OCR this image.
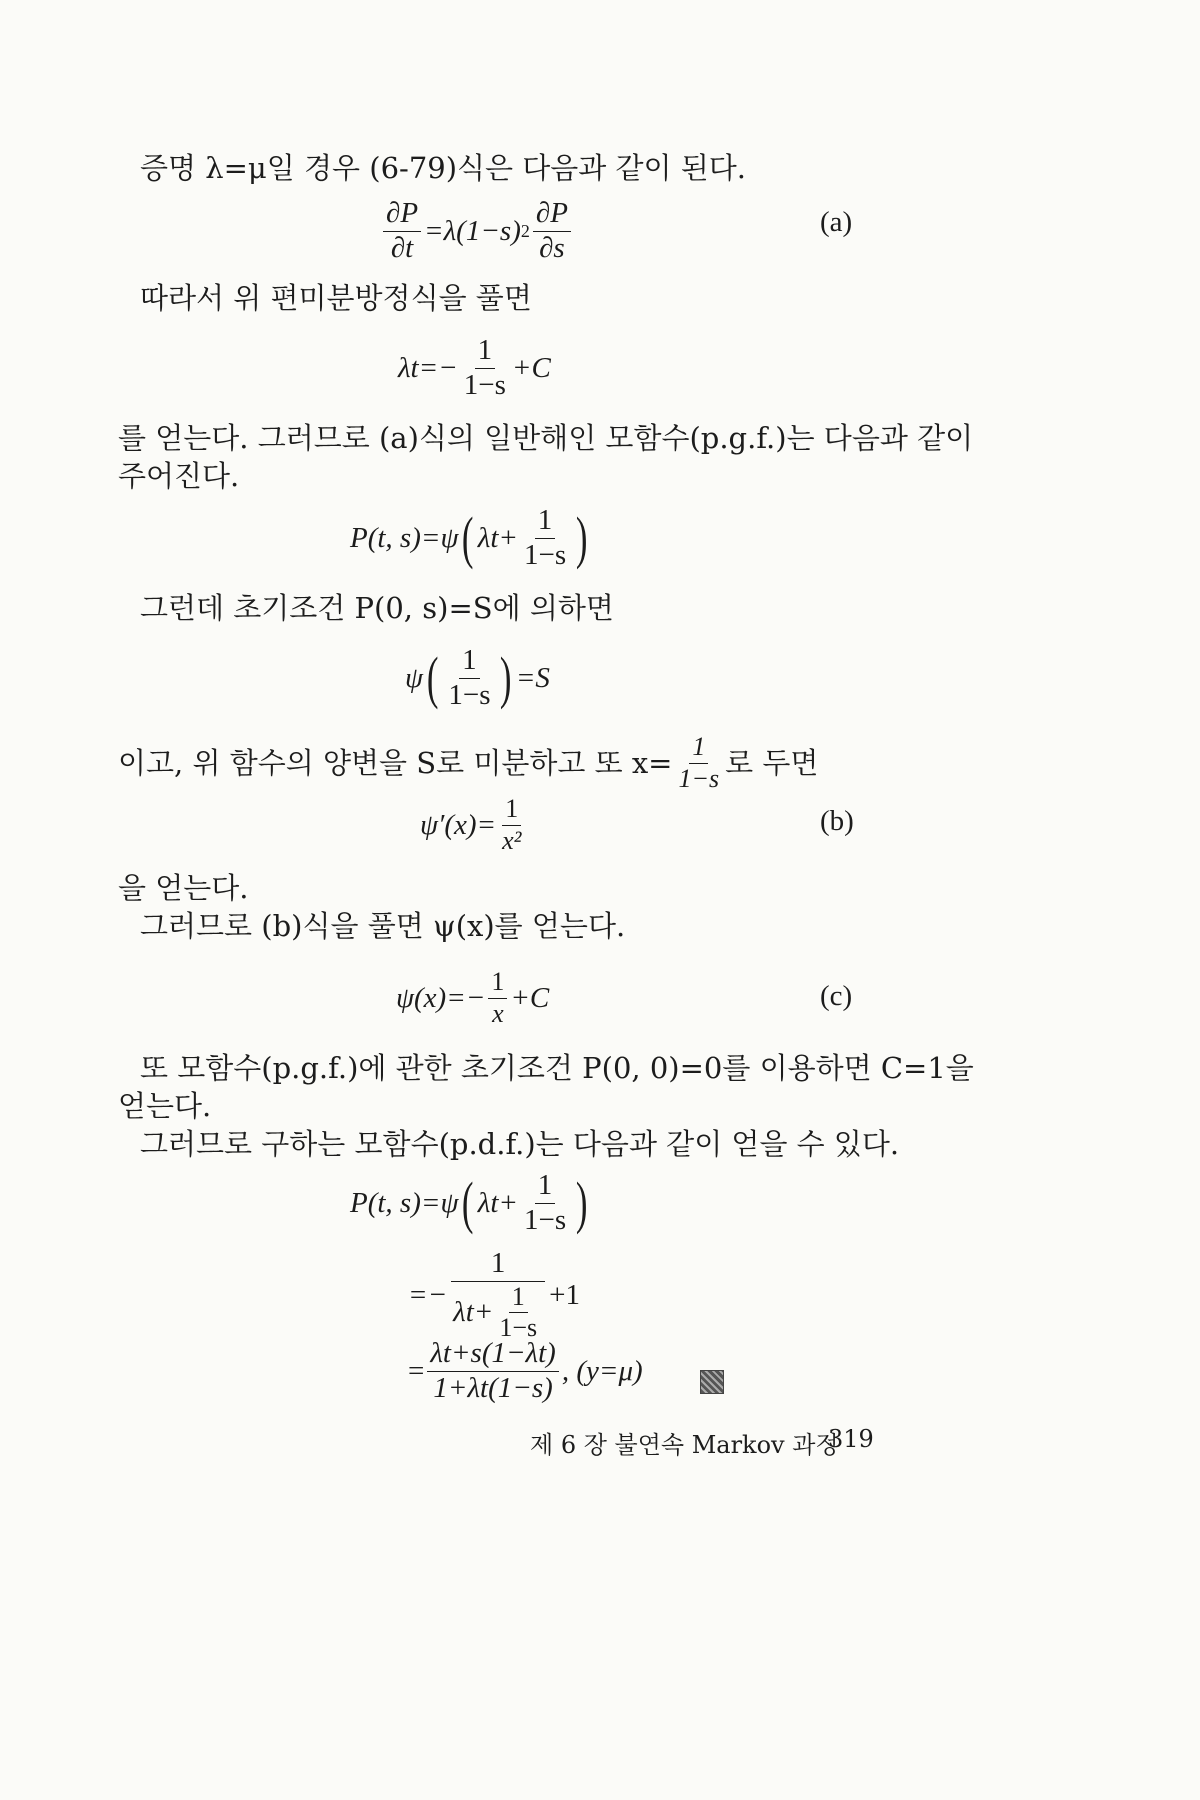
증명 λ=μ일 경우 (6-79)식은 다음과 같이 된다.
$\frac{\partial P}{\partial t} =\lambda(1-s)$ $2 \frac{\partial P}{\partial s}$	(a)
따라서 위 편미분방정식을 풀면
$\lambda t=- \frac{1}{1-s} +C$
를 얻는다. 그러므로 (a)식의 일반해인 모함수(p.g.f.)는 다음과 같이
주어진다.
P(t, s)=ψ ( $\lambda t+ \frac{1}{1-s}$ )
그런데 초기조건 P(0, s)=S에 의하면
ψ ( $\frac{1}{1-s}$ ) =S
이고, 위 함수의 양변을 S로 미분하고 또 $x= \frac{1}{1-s}$ 로 두면
$\psi'(x)= \frac{1}{\text{x²}}$	(b)
을 얻는다.
그러므로 (b)식을 풀면 ψ(x)를 얻는다.
$\psi(x)=- \frac{1}{x} +C$	(c)
또 모함수(p.g.f.)에 관한 초기조건 P(0, 0)=0를 이용하면 C=1을
얻는다.
그러므로 구하는 모함수(p.d.f.)는 다음과 같이 얻을 수 있다.
P(t, s)=ψ ( $\lambda t+ \frac{1}{1-s}$ )
=− $\frac{1}{\lambda t+ \frac{1}{1-s}} +1$
= $\frac{\lambda t+s(1-\lambda t)}{1+\lambda t(1-s)}$ , (y=μ)
제 6 장 불연속 Markov 과정
319
